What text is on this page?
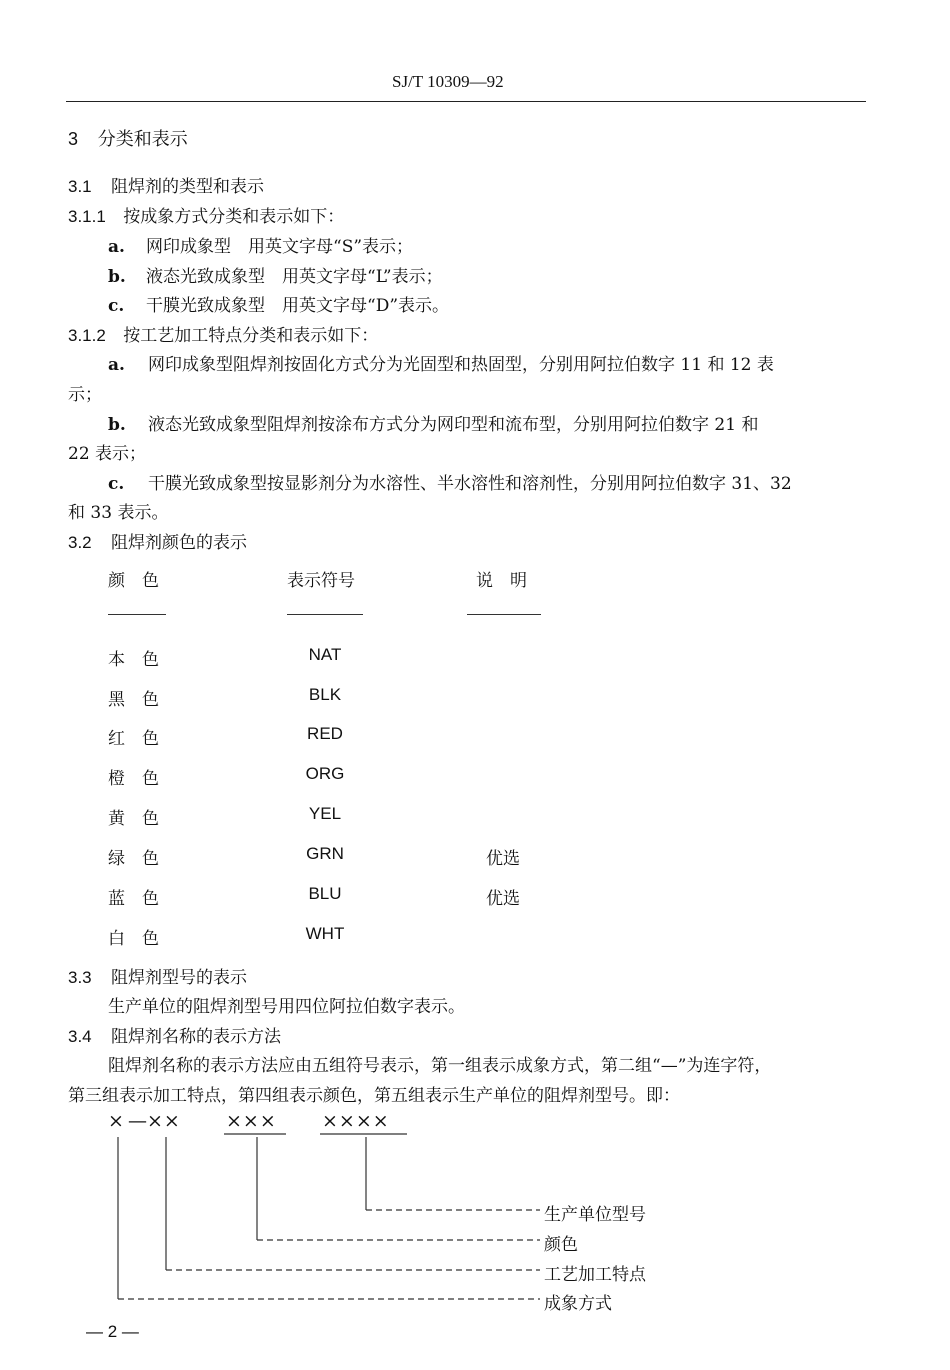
SJ/T 10309—92
3 分类和表示
3.1 阻焊剂的类型和表示
3.1.1 按成象方式分类和表示如下：
a. 网印成象型　用英文字母“S”表示；
b. 液态光致成象型　用英文字母“L”表示；
c. 干膜光致成象型　用英文字母“D”表示。
3.1.2 按工艺加工特点分类和表示如下：
a. 网印成象型阻焊剂按固化方式分为光固型和热固型，分别用阿拉伯数字 11 和 12 表
示；
b. 液态光致成象型阻焊剂按涂布方式分为网印型和流布型，分别用阿拉伯数字 21 和
22 表示；
c. 干膜光致成象型按显影剂分为水溶性、半水溶性和溶剂性，分别用阿拉伯数字 31、32
和 33 表示。
3.2 阻焊剂颜色的表示
颜　色	表示符号	说　明
本　色	NAT
黑　色	BLK
红　色	RED
橙　色	ORG
黄　色	YEL
绿　色	GRN	优选
蓝　色	BLU	优选
白　色	WHT
3.3 阻焊剂型号的表示
生产单位的阻焊剂型号用四位阿拉伯数字表示。
3.4 阻焊剂名称的表示方法
阻焊剂名称的表示方法应由五组符号表示，第一组表示成象方式，第二组“—”为连字符，
第三组表示加工特点，第四组表示颜色，第五组表示生产单位的阻焊剂型号。即：
× — ×× ××× ××××
生产单位型号
颜色
工艺加工特点
成象方式
— 2 —
